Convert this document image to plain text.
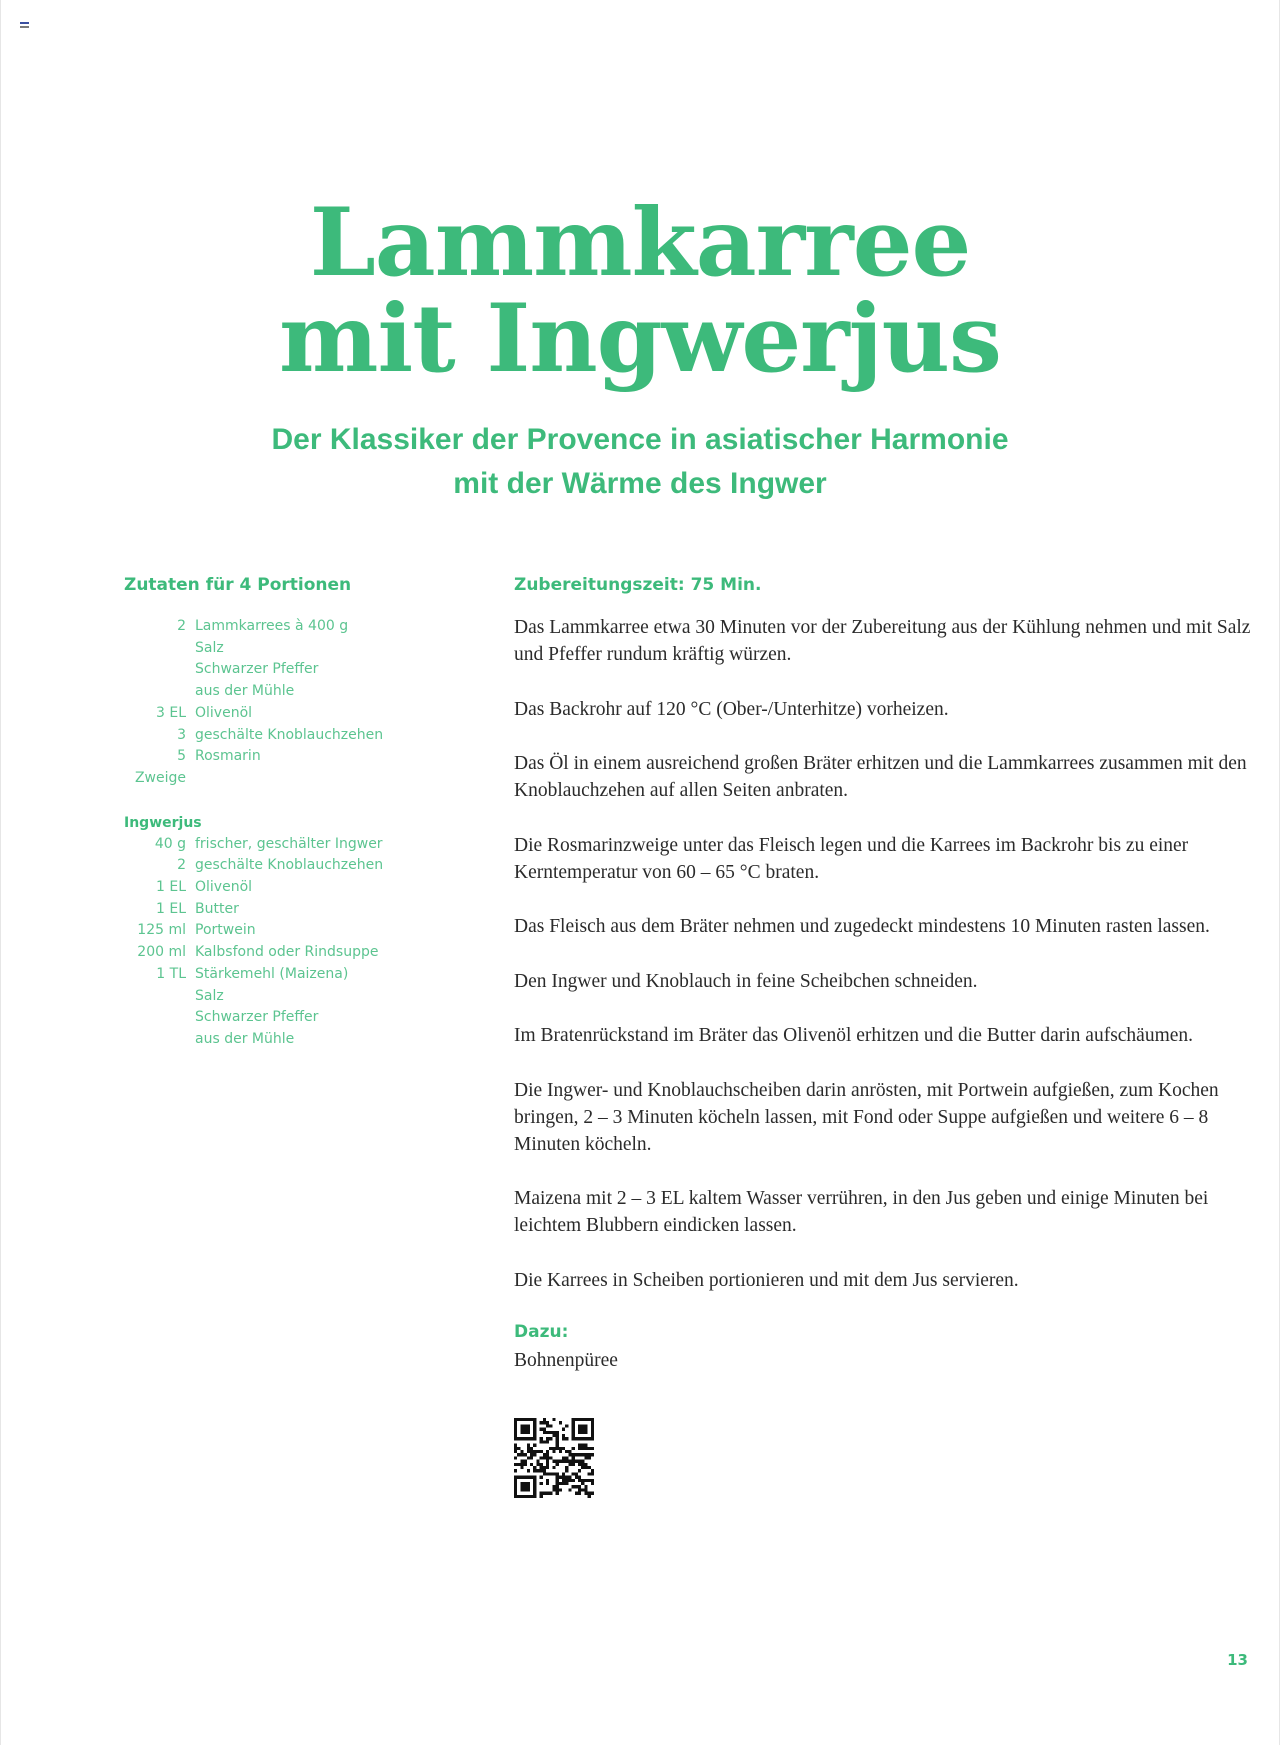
Lammkarree
mit Ingwerjus
Der Klassiker der Provence in asiatischer Harmonie
mit der Wärme des Ingwer

Zutaten für 4 Portionen

2 Lammkarrees à 400 g
Salz
Schwarzer Pfeffer
aus der Mühle
3 EL Olivenöl
3 geschälte Knoblauchzehen
5 Zweige
Rosmarin

Ingwerjus

40 g frischer, geschälter Ingwer
2 geschälte Knoblauchzehen
1 EL Olivenöl
1 EL Butter
125 ml Portwein
200 ml Kalbsfond oder Rindsuppe
1 TL Stärkemehl (Maizena)
Salz
Schwarzer Pfeffer
aus der Mühle

Zubereitungszeit: 75 Min.

Das Lammkarree etwa 30 Minuten vor der Zubereitung aus der Kühlung nehmen und mit Salz und Pfeffer rundum kräftig würzen.
Das Backrohr auf 120 °C (Ober-/Unterhitze) vorheizen.
Das Öl in einem ausreichend großen Bräter erhitzen und die Lammkarrees zusammen mit den Knoblauchzehen auf allen Seiten anbraten.
Die Rosmarinzweige unter das Fleisch legen und die Karrees im Backrohr bis zu einer Kerntemperatur von 60 – 65 °C braten.
Das Fleisch aus dem Bräter nehmen und zugedeckt mindestens 10 Minuten rasten lassen.
Den Ingwer und Knoblauch in feine Scheibchen schneiden.
Im Bratenrückstand im Bräter das Olivenöl erhitzen und die Butter darin aufschäumen.
Die Ingwer- und Knoblauchscheiben darin anrösten, mit Portwein aufgießen, zum Kochen bringen, 2 – 3 Minuten köcheln lassen, mit Fond oder Suppe aufgießen und weitere 6 – 8 Minuten köcheln.
Maizena mit 2 – 3 EL kaltem Wasser verrühren, in den Jus geben und einige Minuten bei leichtem Blubbern eindicken lassen.
Die Karrees in Scheiben portionieren und mit dem Jus servieren.

Dazu:

Bohnenpüree

13
